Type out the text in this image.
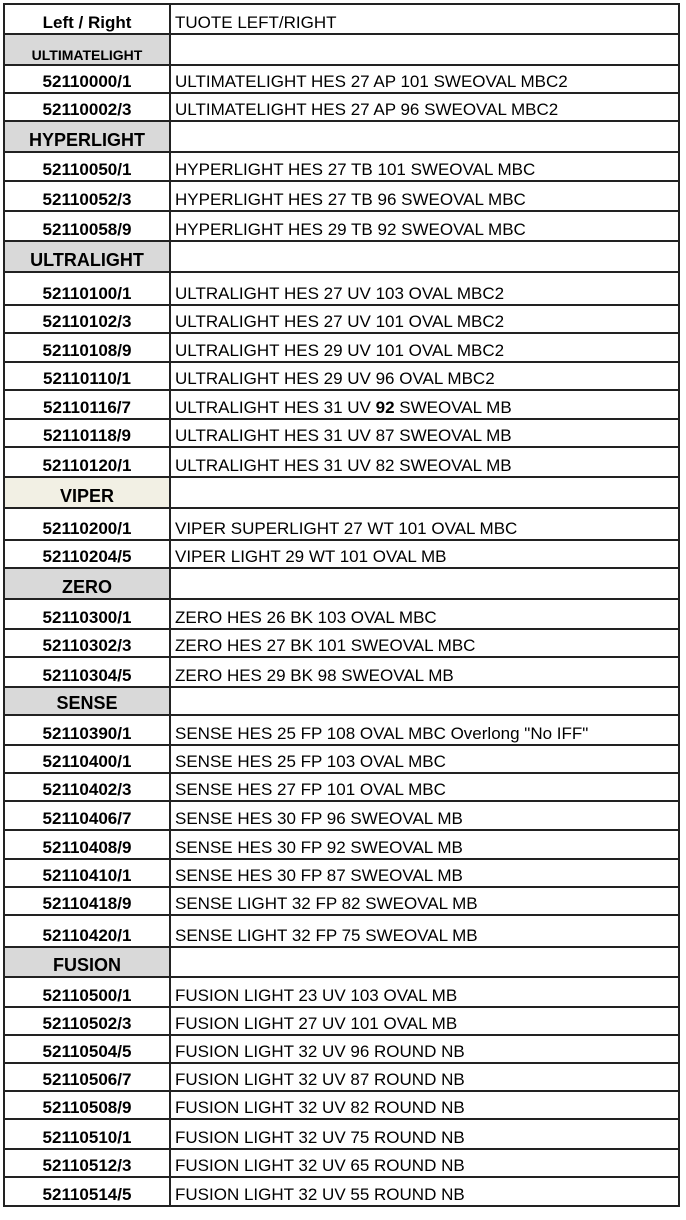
Left / Right	TUOTE LEFT/RIGHT
ULTIMATELIGHT	
52110000/1	ULTIMATELIGHT HES 27 AP 101 SWEOVAL MBC2
52110002/3	ULTIMATELIGHT HES 27 AP 96 SWEOVAL MBC2
HYPERLIGHT	
52110050/1	HYPERLIGHT HES 27 TB 101 SWEOVAL MBC
52110052/3	HYPERLIGHT HES 27 TB 96 SWEOVAL MBC
52110058/9	HYPERLIGHT HES 29 TB 92 SWEOVAL MBC
ULTRALIGHT	
52110100/1	ULTRALIGHT HES 27 UV 103 OVAL MBC2
52110102/3	ULTRALIGHT HES 27 UV 101 OVAL MBC2
52110108/9	ULTRALIGHT HES 29 UV 101 OVAL MBC2
52110110/1	ULTRALIGHT HES 29 UV 96 OVAL MBC2
52110116/7	ULTRALIGHT HES 31 UV 92 SWEOVAL MB
52110118/9	ULTRALIGHT HES 31 UV 87 SWEOVAL MB
52110120/1	ULTRALIGHT HES 31 UV 82 SWEOVAL MB
VIPER	
52110200/1	VIPER SUPERLIGHT 27 WT 101 OVAL MBC
52110204/5	VIPER LIGHT 29 WT 101 OVAL MB
ZERO	
52110300/1	ZERO HES 26 BK 103 OVAL MBC
52110302/3	ZERO HES 27 BK 101 SWEOVAL MBC
52110304/5	ZERO HES 29 BK 98 SWEOVAL MB
SENSE	
52110390/1	SENSE HES 25 FP 108 OVAL MBC Overlong "No IFF"
52110400/1	SENSE HES 25 FP 103 OVAL MBC
52110402/3	SENSE HES 27 FP 101 OVAL MBC
52110406/7	SENSE HES 30 FP 96 SWEOVAL MB
52110408/9	SENSE HES 30 FP 92 SWEOVAL MB
52110410/1	SENSE HES 30 FP 87 SWEOVAL MB
52110418/9	SENSE LIGHT 32 FP 82 SWEOVAL MB
52110420/1	SENSE LIGHT 32 FP 75 SWEOVAL MB
FUSION	
52110500/1	FUSION LIGHT 23 UV 103 OVAL MB
52110502/3	FUSION LIGHT 27 UV 101 OVAL MB
52110504/5	FUSION LIGHT 32 UV 96 ROUND NB
52110506/7	FUSION LIGHT 32 UV 87 ROUND NB
52110508/9	FUSION LIGHT 32 UV 82 ROUND NB
52110510/1	FUSION LIGHT 32 UV 75 ROUND NB
52110512/3	FUSION LIGHT 32 UV 65 ROUND NB
52110514/5	FUSION LIGHT 32 UV 55 ROUND NB
